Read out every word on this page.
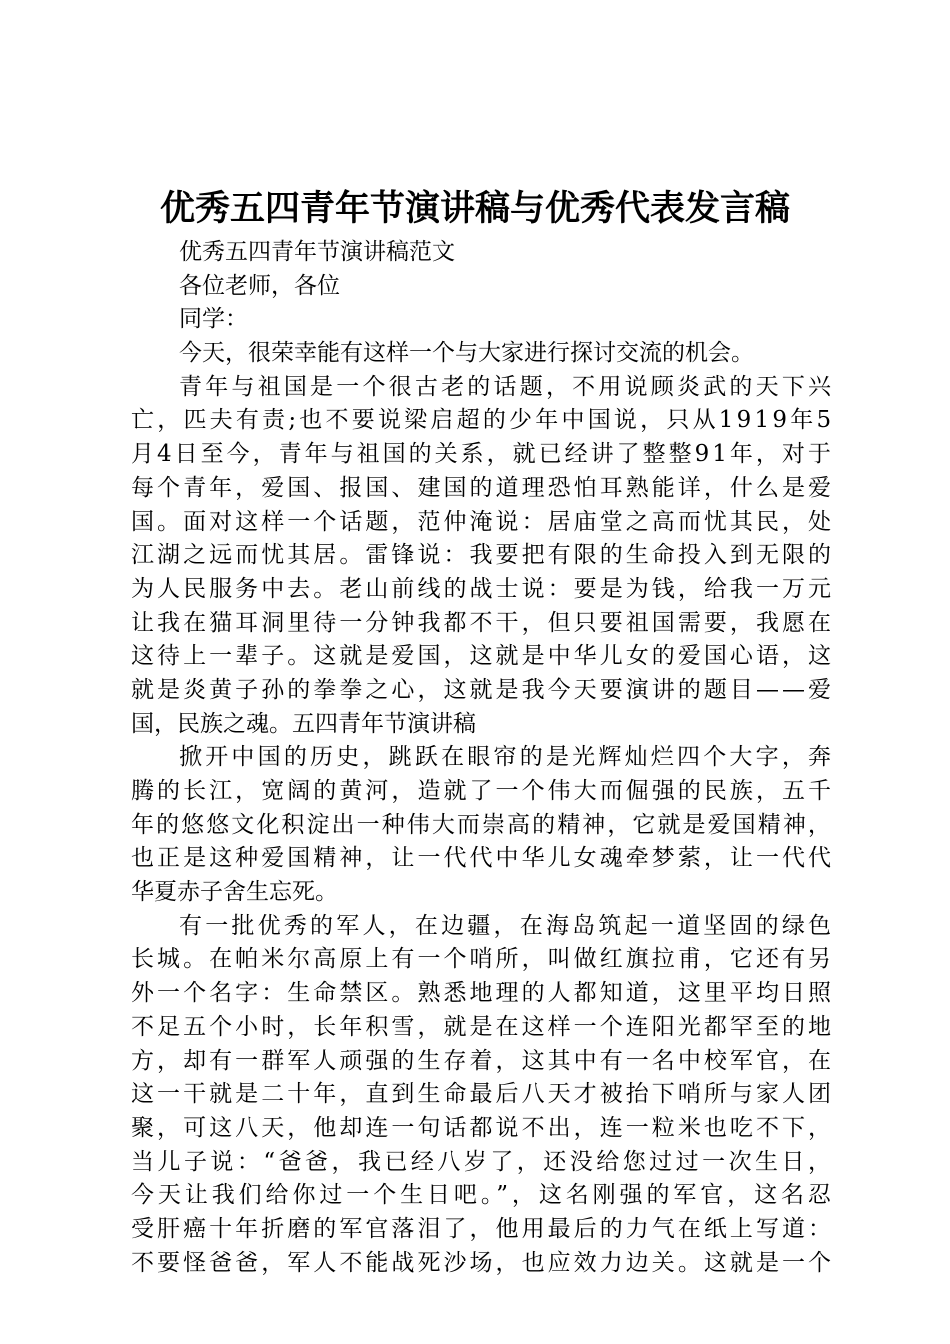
优秀五四青年节演讲稿与优秀代表发言稿
优秀五四青年节演讲稿范文
各位老师，各位
同学：
今天，很荣幸能有这样一个与大家进行探讨交流的机会。
青年与祖国是一个很古老的话题，不用说顾炎武的天下兴
亡，匹夫有责;也不要说梁启超的少年中国说，只从1919年5
月4日至今，青年与祖国的关系，就已经讲了整整91年，对于
每个青年，爱国、报国、建国的道理恐怕耳熟能详，什么是爱
国。面对这样一个话题，范仲淹说：居庙堂之高而忧其民，处
江湖之远而忧其居。雷锋说：我要把有限的生命投入到无限的
为人民服务中去。老山前线的战士说：要是为钱，给我一万元
让我在猫耳洞里待一分钟我都不干，但只要祖国需要，我愿在
这待上一辈子。这就是爱国，这就是中华儿女的爱国心语，这
就是炎黄子孙的拳拳之心，这就是我今天要演讲的题目——爱
国，民族之魂。五四青年节演讲稿
掀开中国的历史，跳跃在眼帘的是光辉灿烂四个大字，奔
腾的长江，宽阔的黄河，造就了一个伟大而倔强的民族，五千
年的悠悠文化积淀出一种伟大而崇高的精神，它就是爱国精神，
也正是这种爱国精神，让一代代中华儿女魂牵梦萦，让一代代
华夏赤子舍生忘死。
有一批优秀的军人，在边疆，在海岛筑起一道坚固的绿色
长城。在帕米尔高原上有一个哨所，叫做红旗拉甫，它还有另
外一个名字：生命禁区。熟悉地理的人都知道，这里平均日照
不足五个小时，长年积雪，就是在这样一个连阳光都罕至的地
方，却有一群军人顽强的生存着，这其中有一名中校军官，在
这一干就是二十年，直到生命最后八天才被抬下哨所与家人团
聚，可这八天，他却连一句话都说不出，连一粒米也吃不下，
当儿子说：“爸爸，我已经八岁了，还没给您过过一次生日，
今天让我们给你过一个生日吧。”，这名刚强的军官，这名忍
受肝癌十年折磨的军官落泪了，他用最后的力气在纸上写道：
不要怪爸爸，军人不能战死沙场，也应效力边关。这就是一个
